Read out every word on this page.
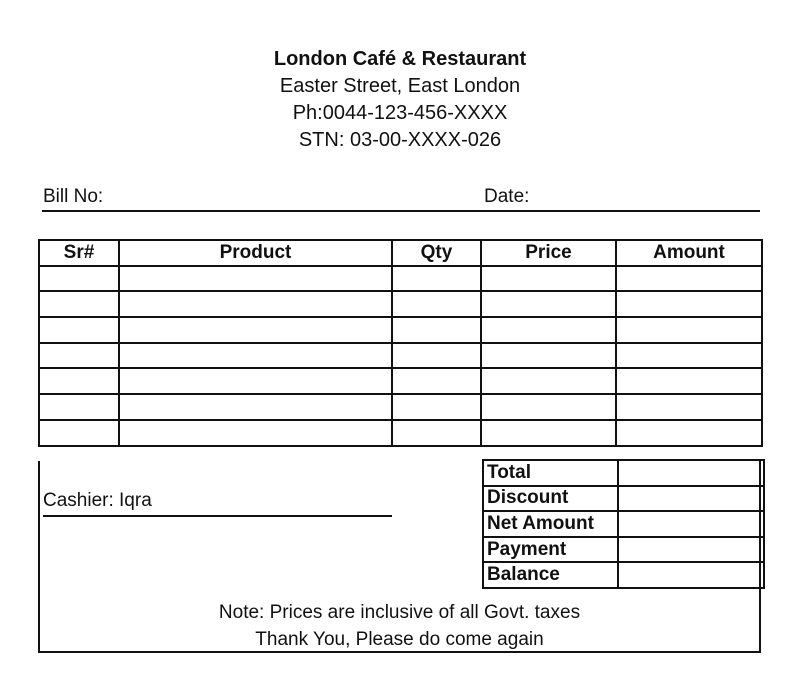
London Café & Restaurant
Easter Street, East London
Ph:0044-123-456-XXXX
STN: 03-00-XXXX-026
Bill No:	Date:
Sr#	Product	Qty	Price	Amount

Cashier: Iqra
Total	
Discount	
Net Amount	
Payment	
Balance	
Note: Prices are inclusive of all Govt. taxes
Thank You, Please do come again
